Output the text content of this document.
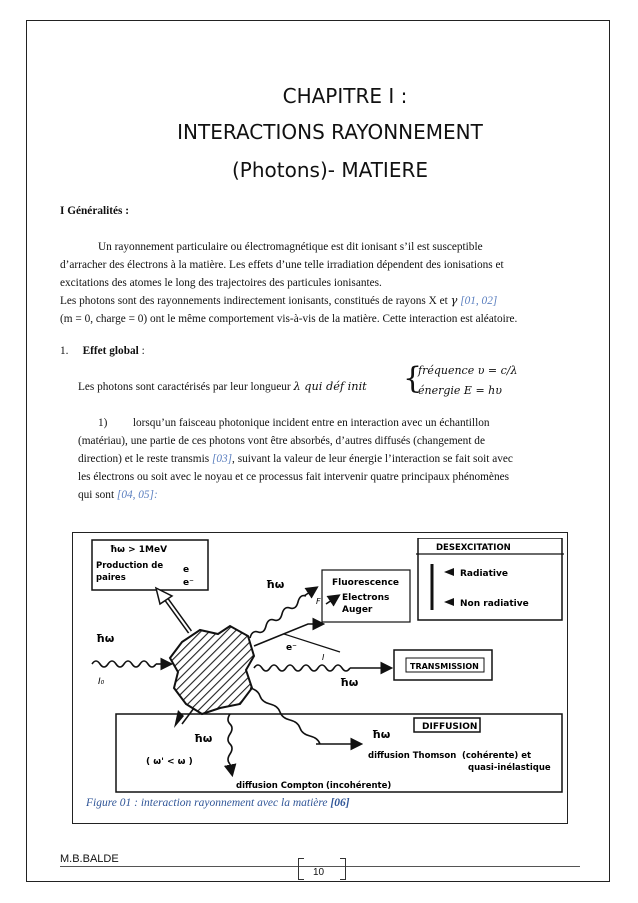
CHAPITRE I :
INTERACTIONS RAYONNEMENT
(Photons)- MATIERE
I Généralités :
Un rayonnement particulaire ou électromagnétique est dit ionisant s’il est susceptible
d’arracher des électrons à la matière. Les effets d’une telle irradiation dépendent des ionisations et
excitations des atomes le long des trajectoires des particules ionisantes.
Les photons sont des rayonnements indirectement ionisants, constitués de rayons X et γ [01, 02]
(m = 0, charge = 0) ont le même comportement vis-à-vis de la matière. Cette interaction est aléatoire.
1. Effet global :
Les photons sont caractérisés par leur longueur λ qui déf init {
fréquence υ = c/λ
énergie E = hυ
1) lorsqu’un faisceau photonique incident entre en interaction avec un échantillon
(matériau), une partie de ces photons vont être absorbés, d’autres diffusés (changement de
direction) et le reste transmis [03], suivant la valeur de leur énergie l’interaction se fait soit avec
les électrons ou soit avec le noyau et ce processus fait intervenir quatre principaux phénomènes
qui sont [04, 05]:
ħω > 1MeV
Production de
paires
e
e⁻
ħω
I₀
ħω
F
Fluorescence
Electrons
Auger
e⁻
DESEXCITATION
Radiative
Non radiative
I
ħω
TRANSMISSION
DIFFUSION
ħω
diffusion Thomson (cohérente) et
quasi-inélastique
ħω
( ω' < ω )
diffusion Compton (incohérente)
Figure 01 : interaction rayonnement avec la matière [06]
M.B.BALDE
10
